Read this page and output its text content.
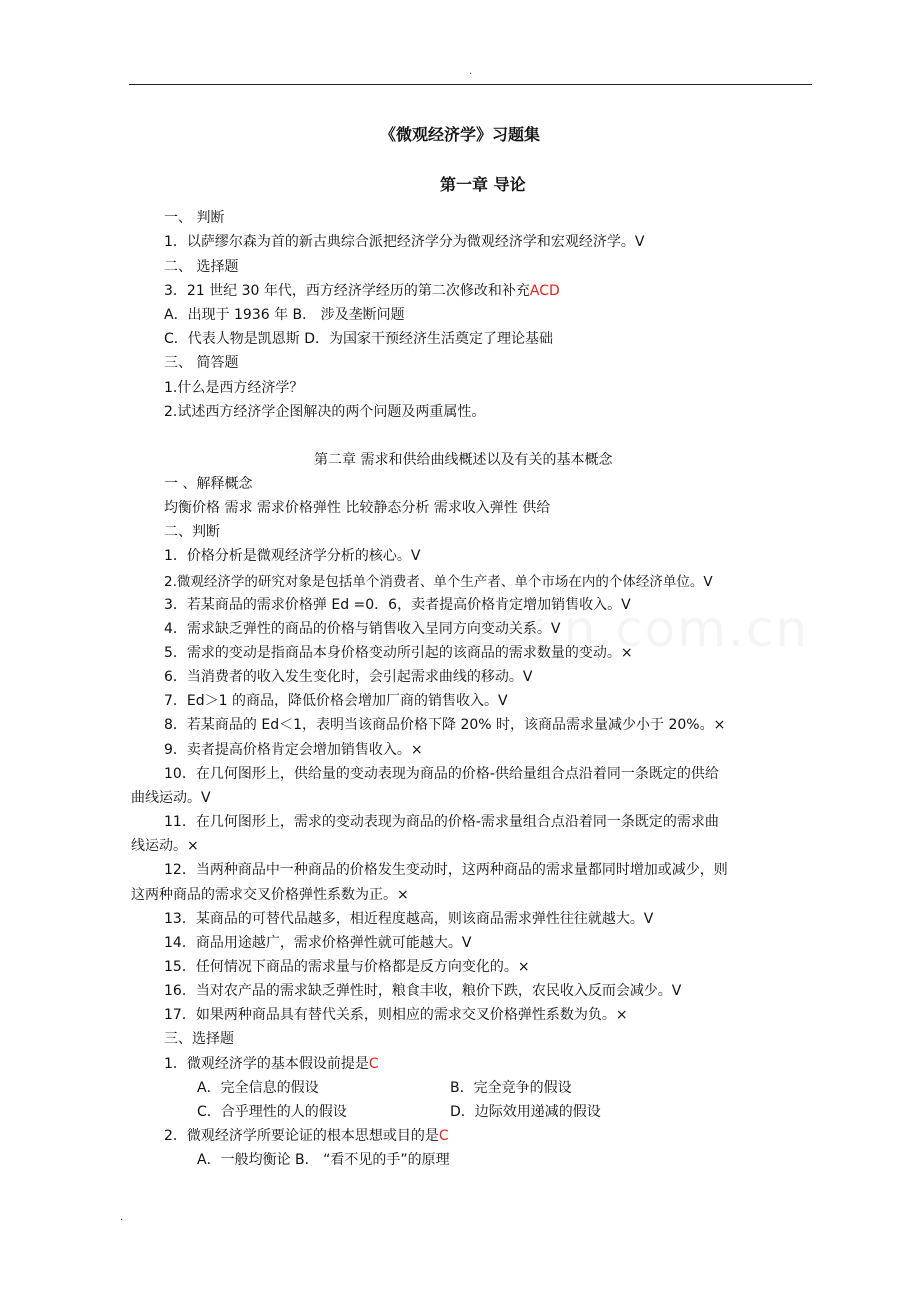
.
《微观经济学》习题集
第一章 导论
一、 判断
1．以萨缪尔森为首的新古典综合派把经济学分为微观经济学和宏观经济学。V
二、 选择题
3．21 世纪 30 年代，西方经济学经历的第二次修改和补充ACD
A．出现于 1936 年 B． 涉及垄断问题
C．代表人物是凯恩斯 D．为国家干预经济生活奠定了理论基础
三、 简答题
1.什么是西方经济学？
2.试述西方经济学企图解决的两个问题及两重属性。
第二章 需求和供给曲线概述以及有关的基本概念
一 、解释概念
均衡价格 需求 需求价格弹性 比较静态分析 需求收入弹性 供给
二、判断
1．价格分析是微观经济学分析的核心。V
2.微观经济学的研究对象是包括单个消费者、单个生产者、单个市场在内的个体经济单位。V
3．若某商品的需求价格弹 Ed =0．6，卖者提高价格肯定增加销售收入。V
4．需求缺乏弹性的商品的价格与销售收入呈同方向变动关系。V
5．需求的变动是指商品本身价格变动所引起的该商品的需求数量的变动。×
6．当消费者的收入发生变化时，会引起需求曲线的移动。V
7．Ed＞1 的商品，降低价格会增加厂商的销售收入。V
8．若某商品的 Ed＜1，表明当该商品价格下降 20% 时，该商品需求量减少小于 20%。×
9．卖者提高价格肯定会增加销售收入。×
10．在几何图形上，供给量的变动表现为商品的价格-供给量组合点沿着同一条既定的供给
曲线运动。V
11．在几何图形上，需求的变动表现为商品的价格-需求量组合点沿着同一条既定的需求曲
线运动。×
12．当两种商品中一种商品的价格发生变动时，这两种商品的需求量都同时增加或减少，则
这两种商品的需求交叉价格弹性系数为正。×
13．某商品的可替代品越多，相近程度越高，则该商品需求弹性往往就越大。V
14．商品用途越广，需求价格弹性就可能越大。V
15．任何情况下商品的需求量与价格都是反方向变化的。×
16．当对农产品的需求缺乏弹性时，粮食丰收，粮价下跌，农民收入反而会减少。V
17．如果两种商品具有替代关系，则相应的需求交叉价格弹性系数为负。×
三、选择题
1．微观经济学的基本假设前提是C
A．完全信息的假设	B．完全竞争的假设
C．合乎理性的人的假设	D．边际效用递减的假设
2．微观经济学所要论证的根本思想或目的是C
A．一般均衡论 B． “看不见的手”的原理
.
